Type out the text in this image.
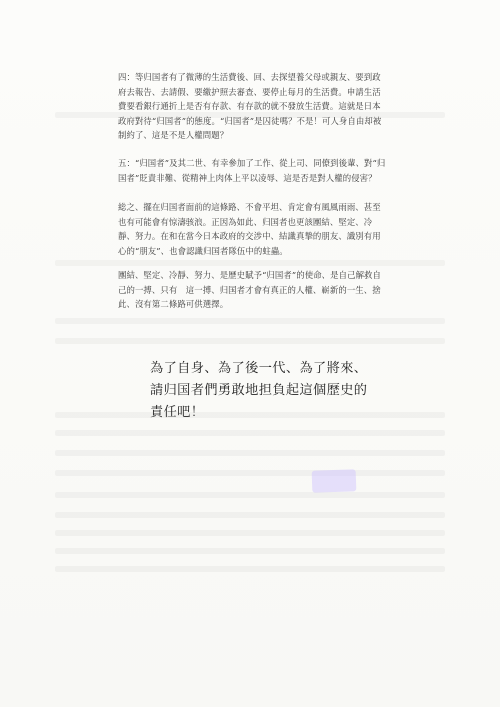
四：等归国者有了微薄的生活費後、回、去探望養父母或親友、要到政府去報告、去請假、要繳护照去審查、要停止每月的生活費。申請生活費要看銀行通折上是否有存款、有存款的就不發放生活費。這就是日本政府對待“归国者”的態度。“归国者”是囚徒嗎？不是！可人身自由却被制約了、這是不是人權問題？

五：“归国者”及其二世、有幸參加了工作、從上司、同僚到後輩、對“归国者”貶責非難、從精神上肉体上平以凌辱、這是否是對人權的侵害？

総之、擺在归国者面前的這條路、不會平坦、肯定會有風風雨雨、甚至也有可能會有惊濤骇浪。正因為如此、归国者也更該團結、堅定、冷靜、努力。在和在當今日本政府的交涉中、結識真摯的朋友、識別有用心的“朋友”、也會認識归国者隊伍中的蛀蟲。

團結、堅定、冷靜、努力、是歷史賦予“归国者”的使命、是自己解救自己的一搏、只有　這一搏、归国者才會有真正的人權、嶄新的一生、捨此、沒有第二條路可供選擇。

為了自身、為了後一代、為了將來、請归国者們勇敢地担負起這個歷史的責任吧！
